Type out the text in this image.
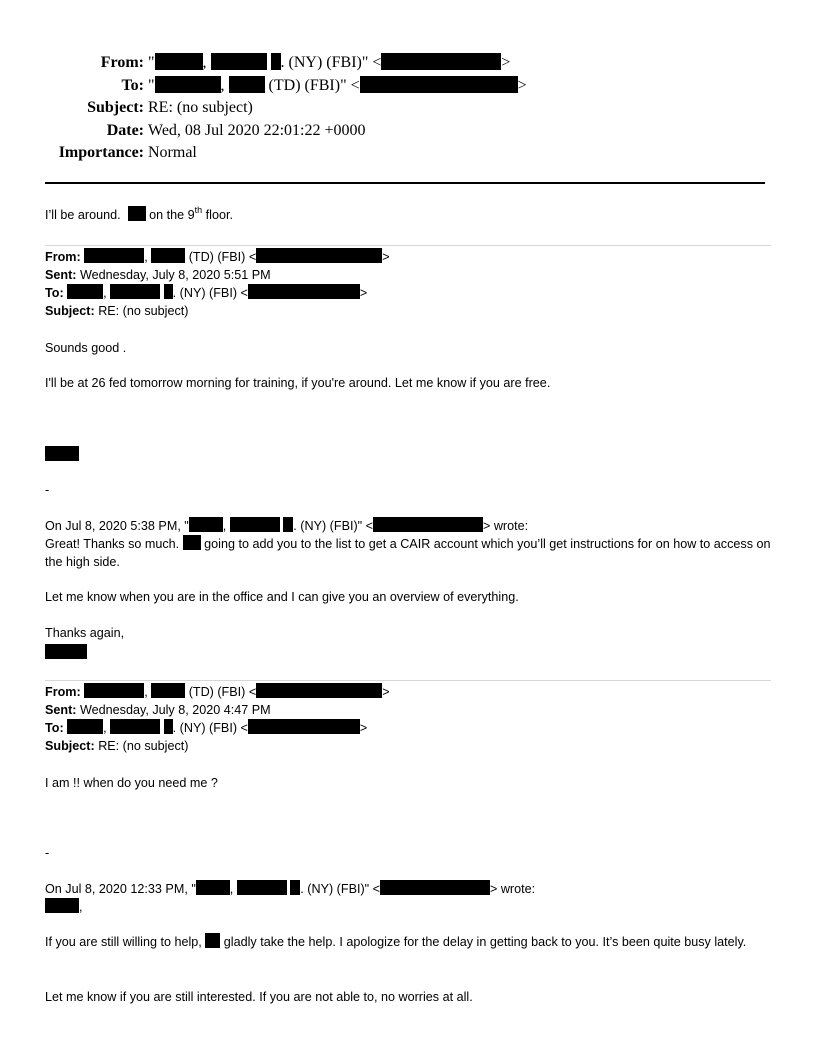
From: "	,	. (NY) (FBI)" <	>
To: "	,	(TD) (FBI)" <	>
Subject: RE: (no subject)
Date: Wed, 08 Jul 2020 22:01:22 +0000
Importance: Normal
I’ll be around. on the 9th floor.
From:	,	(TD) (FBI) <	>
Sent: Wednesday, July 8, 2020 5:51 PM
To:	,	. (NY) (FBI) <	>
Subject: RE: (no subject)
Sounds good .
I'll be at 26 fed tomorrow morning for training, if you're around. Let me know if you are free.
-
On Jul 8, 2020 5:38 PM, "	,	. (NY) (FBI)" <	> wrote:
Great! Thanks so much. going to add you to the list to get a CAIR account which you’ll get instructions for on how to access on the high side.
Let me know when you are in the office and I can give you an overview of everything.
Thanks again,
From:	,	(TD) (FBI) <	>
Sent: Wednesday, July 8, 2020 4:47 PM
To:	,	. (NY) (FBI) <	>
Subject: RE: (no subject)
I am !! when do you need me ?
-
On Jul 8, 2020 12:33 PM, "	,	. (NY) (FBI)" <	> wrote:
,
If you are still willing to help, gladly take the help. I apologize for the delay in getting back to you. It’s been quite busy lately.
Let me know if you are still interested. If you are not able to, no worries at all.
